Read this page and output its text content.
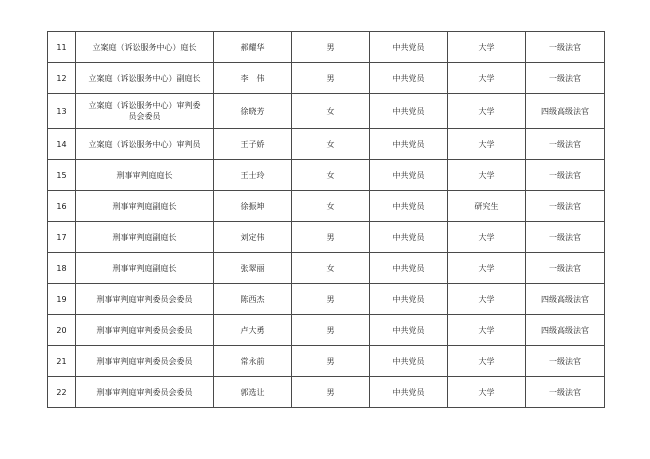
11	立案庭（诉讼服务中心）庭长	郝耀华	男	中共党员	大学	一级法官
12	立案庭（诉讼服务中心）副庭长	李　伟	男	中共党员	大学	一级法官
13	立案庭（诉讼服务中心）审判委员会委员	徐晓芳	女	中共党员	大学	四级高级法官
14	立案庭（诉讼服务中心）审判员	王子娇	女	中共党员	大学	一级法官
15	刑事审判庭庭长	王士玲	女	中共党员	大学	一级法官
16	刑事审判庭副庭长	徐振坤	女	中共党员	研究生	一级法官
17	刑事审判庭副庭长	刘定伟	男	中共党员	大学	一级法官
18	刑事审判庭副庭长	张翠丽	女	中共党员	大学	一级法官
19	刑事审判庭审判委员会委员	陈西杰	男	中共党员	大学	四级高级法官
20	刑事审判庭审判委员会委员	卢大勇	男	中共党员	大学	四级高级法官
21	刑事审判庭审判委员会委员	常永前	男	中共党员	大学	一级法官
22	刑事审判庭审判委员会委员	郭选让	男	中共党员	大学	一级法官
